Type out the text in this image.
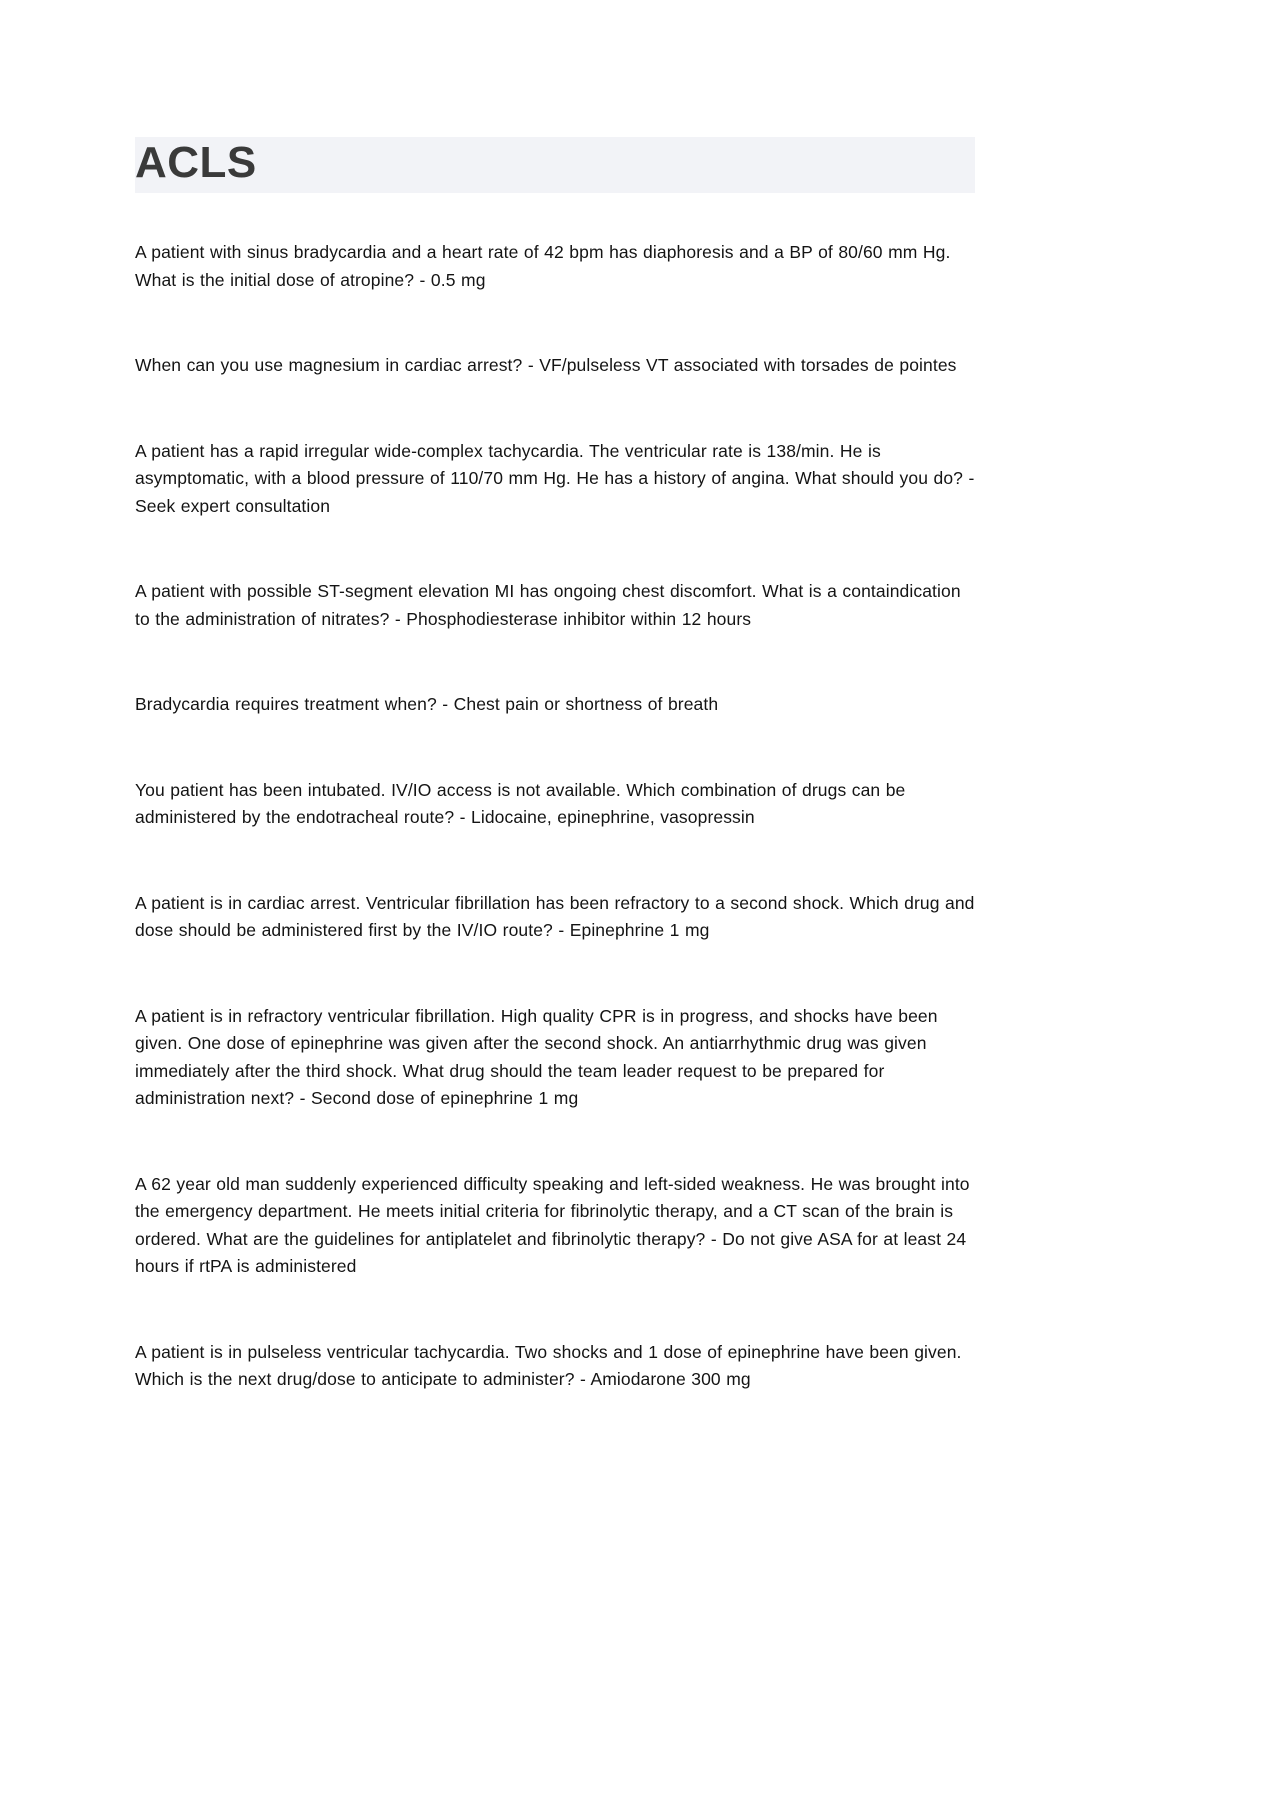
ACLS

A patient with sinus bradycardia and a heart rate of 42 bpm has diaphoresis and a BP of 80/60 mm Hg. What is the initial dose of atropine? - 0.5 mg

When can you use magnesium in cardiac arrest? - VF/pulseless VT associated with torsades de pointes

A patient has a rapid irregular wide-complex tachycardia. The ventricular rate is 138/min. He is asymptomatic, with a blood pressure of 110/70 mm Hg. He has a history of angina. What should you do? - Seek expert consultation

A patient with possible ST-segment elevation MI has ongoing chest discomfort. What is a containdication to the administration of nitrates? - Phosphodiesterase inhibitor within 12 hours

Bradycardia requires treatment when? - Chest pain or shortness of breath

You patient has been intubated. IV/IO access is not available. Which combination of drugs can be administered by the endotracheal route? - Lidocaine, epinephrine, vasopressin

A patient is in cardiac arrest. Ventricular fibrillation has been refractory to a second shock. Which drug and dose should be administered first by the IV/IO route? - Epinephrine 1 mg

A patient is in refractory ventricular fibrillation. High quality CPR is in progress, and shocks have been given. One dose of epinephrine was given after the second shock. An antiarrhythmic drug was given immediately after the third shock. What drug should the team leader request to be prepared for administration next? - Second dose of epinephrine 1 mg

A 62 year old man suddenly experienced difficulty speaking and left-sided weakness. He was brought into the emergency department. He meets initial criteria for fibrinolytic therapy, and a CT scan of the brain is ordered. What are the guidelines for antiplatelet and fibrinolytic therapy? - Do not give ASA for at least 24 hours if rtPA is administered

A patient is in pulseless ventricular tachycardia. Two shocks and 1 dose of epinephrine have been given. Which is the next drug/dose to anticipate to administer? - Amiodarone 300 mg
